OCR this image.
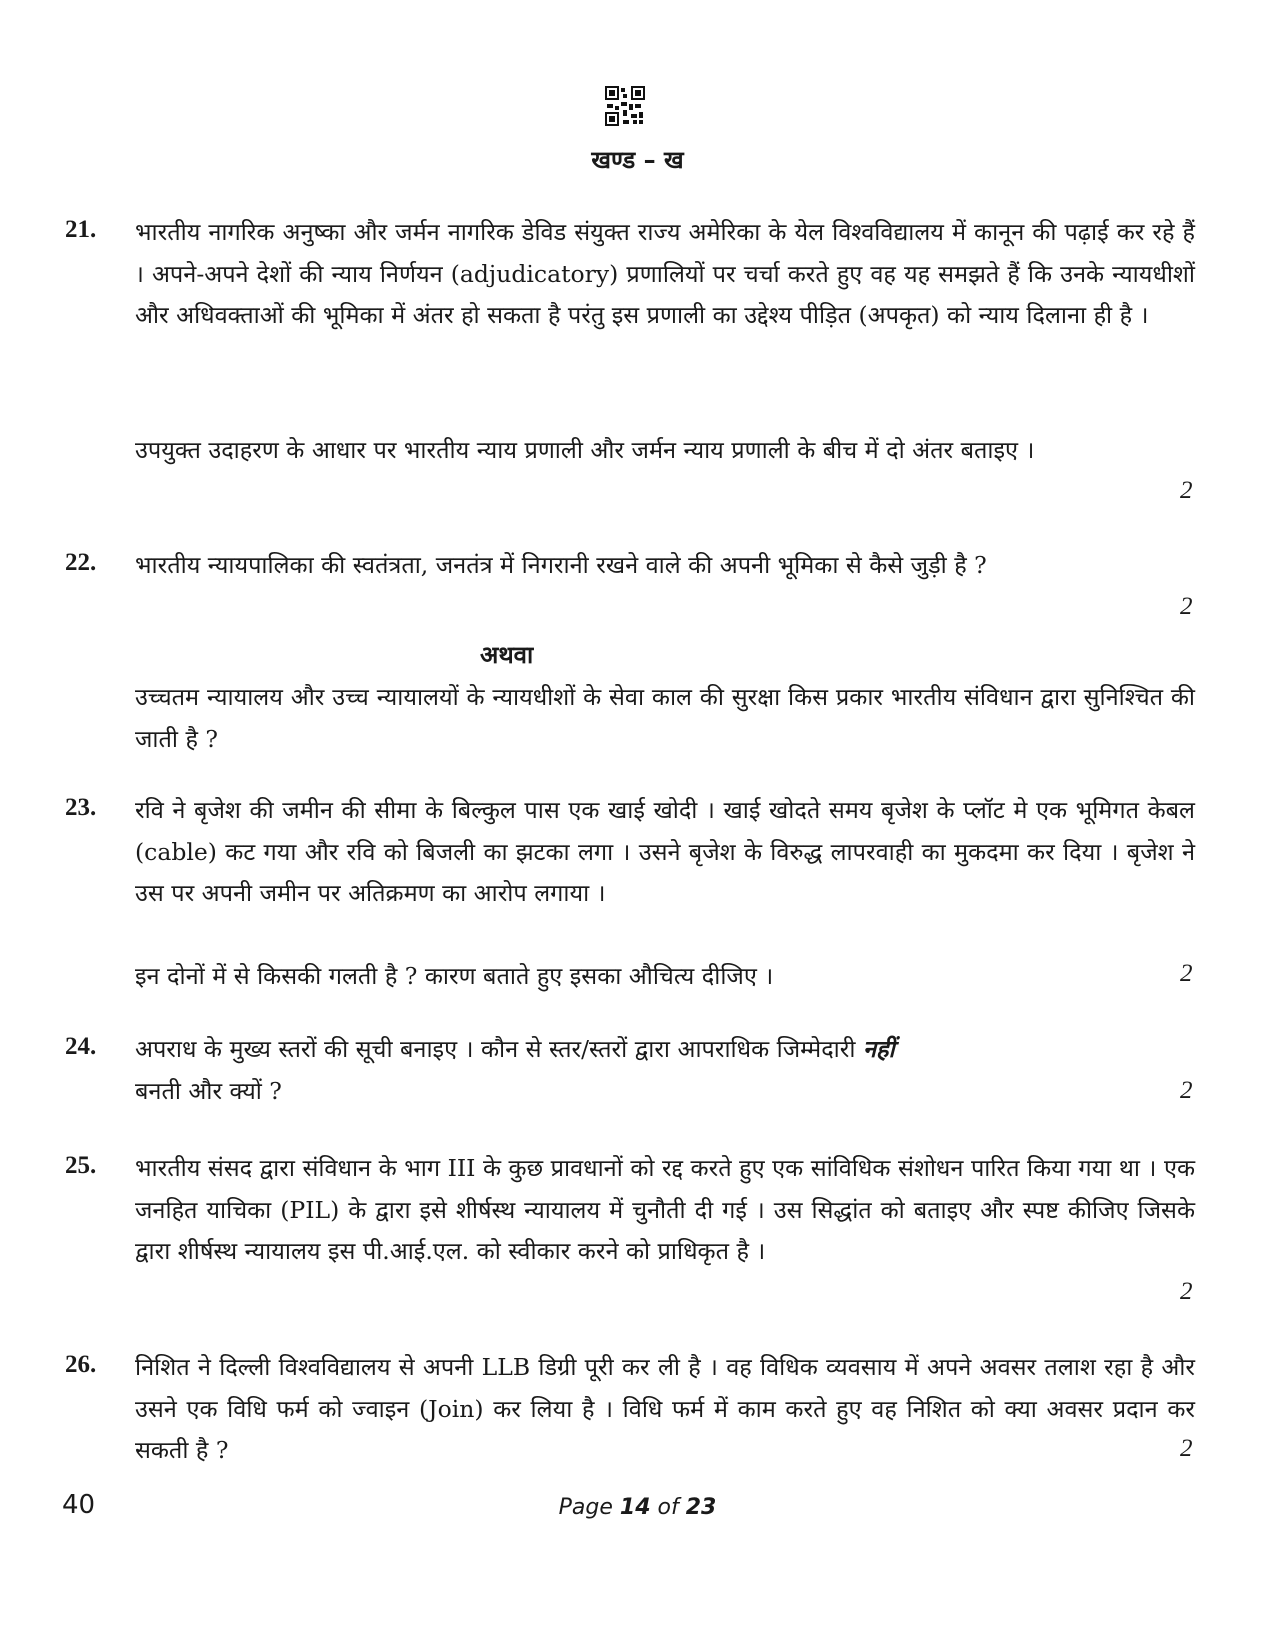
खण्ड – ख
21.	भारतीय नागरिक अनुष्का और जर्मन नागरिक डेविड संयुक्त राज्य अमेरिका के येल विश्वविद्यालय में कानून की पढ़ाई कर रहे हैं । अपने-अपने देशों की न्याय निर्णयन (adjudicatory) प्रणालियों पर चर्चा करते हुए वह यह समझते हैं कि उनके न्यायधीशों और अधिवक्ताओं की भूमिका में अंतर हो सकता है परंतु इस प्रणाली का उद्देश्य पीड़ित (अपकृत) को न्याय दिलाना ही है ।
उपयुक्त उदाहरण के आधार पर भारतीय न्याय प्रणाली और जर्मन न्याय प्रणाली के बीच में दो अंतर बताइए ।
2
22.	भारतीय न्यायपालिका की स्वतंत्रता, जनतंत्र में निगरानी रखने वाले की अपनी भूमिका से कैसे जुड़ी है ?
अथवा
उच्चतम न्यायालय और उच्च न्यायालयों के न्यायधीशों के सेवा काल की सुरक्षा किस प्रकार भारतीय संविधान द्वारा सुनिश्चित की जाती है ?
2
23.	रवि ने बृजेश की जमीन की सीमा के बिल्कुल पास एक खाई खोदी । खाई खोदते समय बृजेश के प्लॉट मे एक भूमिगत केबल (cable) कट गया और रवि को बिजली का झटका लगा । उसने बृजेश के विरुद्ध लापरवाही का मुकदमा कर दिया । बृजेश ने उस पर अपनी जमीन पर अतिक्रमण का आरोप लगाया ।
इन दोनों में से किसकी गलती है ? कारण बताते हुए इसका औचित्य दीजिए ।	2
24.	अपराध के मुख्य स्तरों की सूची बनाइए । कौन से स्तर/स्तरों द्वारा आपराधिक जिम्मेदारी नहीं
बनती और क्यों ?	2
25.	भारतीय संसद द्वारा संविधान के भाग III के कुछ प्रावधानों को रद्द करते हुए एक सांविधिक संशोधन पारित किया गया था । एक जनहित याचिका (PIL) के द्वारा इसे शीर्षस्थ न्यायालय में चुनौती दी गई । उस सिद्धांत को बताइए और स्पष्ट कीजिए जिसके द्वारा शीर्षस्थ न्यायालय इस पी.आई.एल. को स्वीकार करने को प्राधिकृत है ।
2
26.	निशित ने दिल्ली विश्वविद्यालय से अपनी LLB डिग्री पूरी कर ली है । वह विधिक व्यवसाय में अपने अवसर तलाश रहा है और उसने एक विधि फर्म को ज्वाइन (Join) कर लिया है । विधि फर्म में काम करते हुए वह निशित को क्या अवसर प्रदान कर सकती है ?	2
40	Page 14 of 23
